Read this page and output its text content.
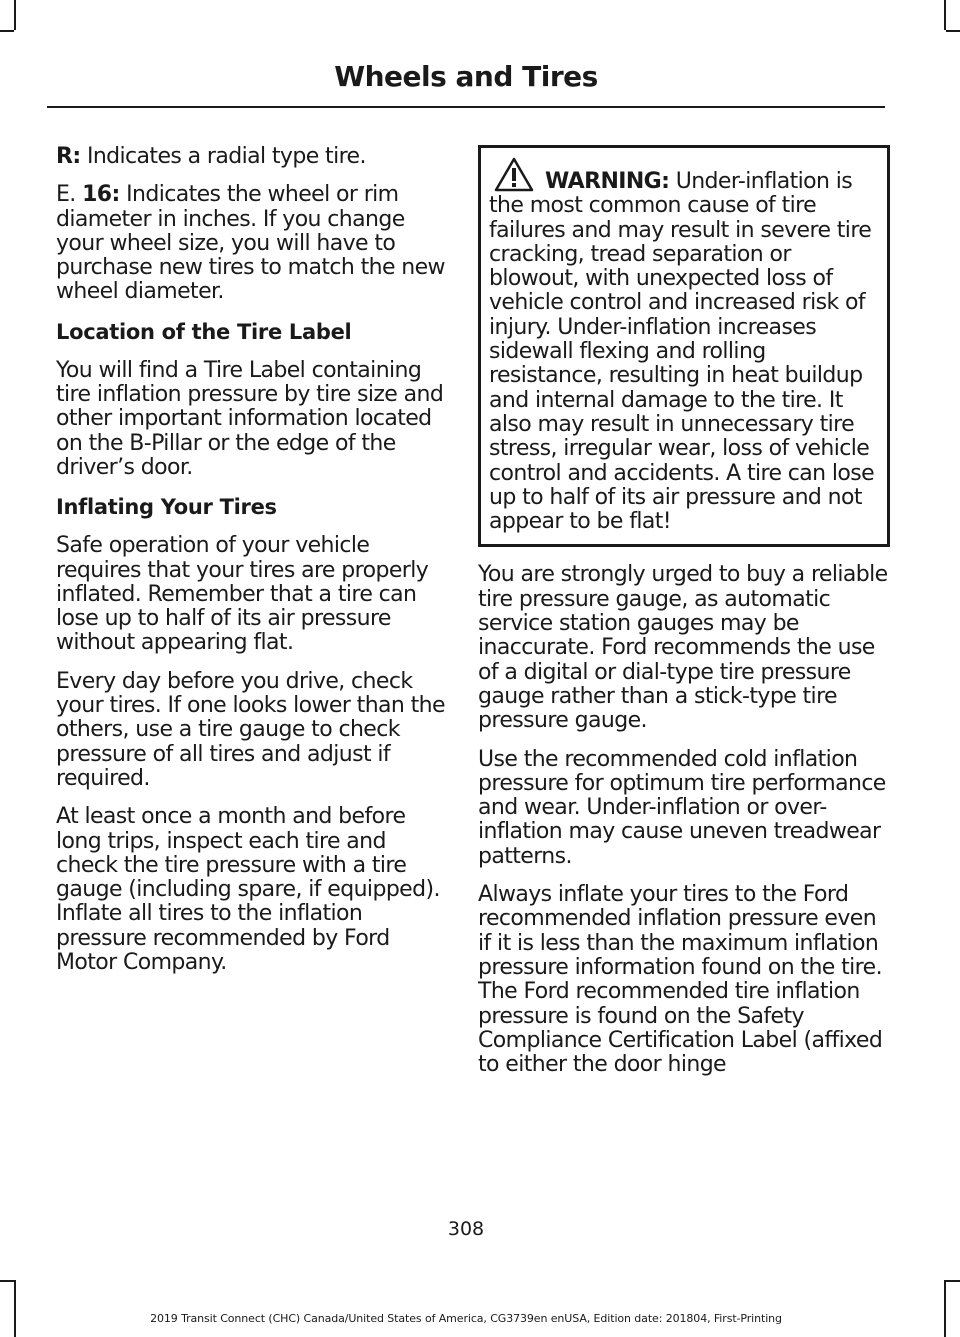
Wheels and Tires

R: Indicates a radial type tire.

E. 16: Indicates the wheel or rim diameter in inches. If you change your wheel size, you will have to purchase new tires to match the new wheel diameter.

Location of the Tire Label

You will find a Tire Label containing tire inflation pressure by tire size and other important information located on the B-Pillar or the edge of the driver’s door.

Inflating Your Tires

Safe operation of your vehicle requires that your tires are properly inflated. Remember that a tire can lose up to half of its air pressure without appearing flat.

Every day before you drive, check your tires. If one looks lower than the others, use a tire gauge to check pressure of all tires and adjust if required.

At least once a month and before long trips, inspect each tire and check the tire pressure with a tire gauge (including spare, if equipped). Inflate all tires to the inflation pressure recommended by Ford Motor Company.

WARNING: Under-inflation is the most common cause of tire failures and may result in severe tire cracking, tread separation or blowout, with unexpected loss of vehicle control and increased risk of injury. Under-inflation increases sidewall flexing and rolling resistance, resulting in heat buildup and internal damage to the tire. It also may result in unnecessary tire stress, irregular wear, loss of vehicle control and accidents. A tire can lose up to half of its air pressure and not appear to be flat!

You are strongly urged to buy a reliable tire pressure gauge, as automatic service station gauges may be inaccurate. Ford recommends the use of a digital or dial-type tire pressure gauge rather than a stick-type tire pressure gauge.

Use the recommended cold inflation pressure for optimum tire performance and wear. Under-inflation or over-inflation may cause uneven treadwear patterns.

Always inflate your tires to the Ford recommended inflation pressure even if it is less than the maximum inflation pressure information found on the tire. The Ford recommended tire inflation pressure is found on the Safety Compliance Certification Label (affixed to either the door hinge

308
2019 Transit Connect (CHC) Canada/United States of America, CG3739en enUSA, Edition date: 201804, First-Printing
